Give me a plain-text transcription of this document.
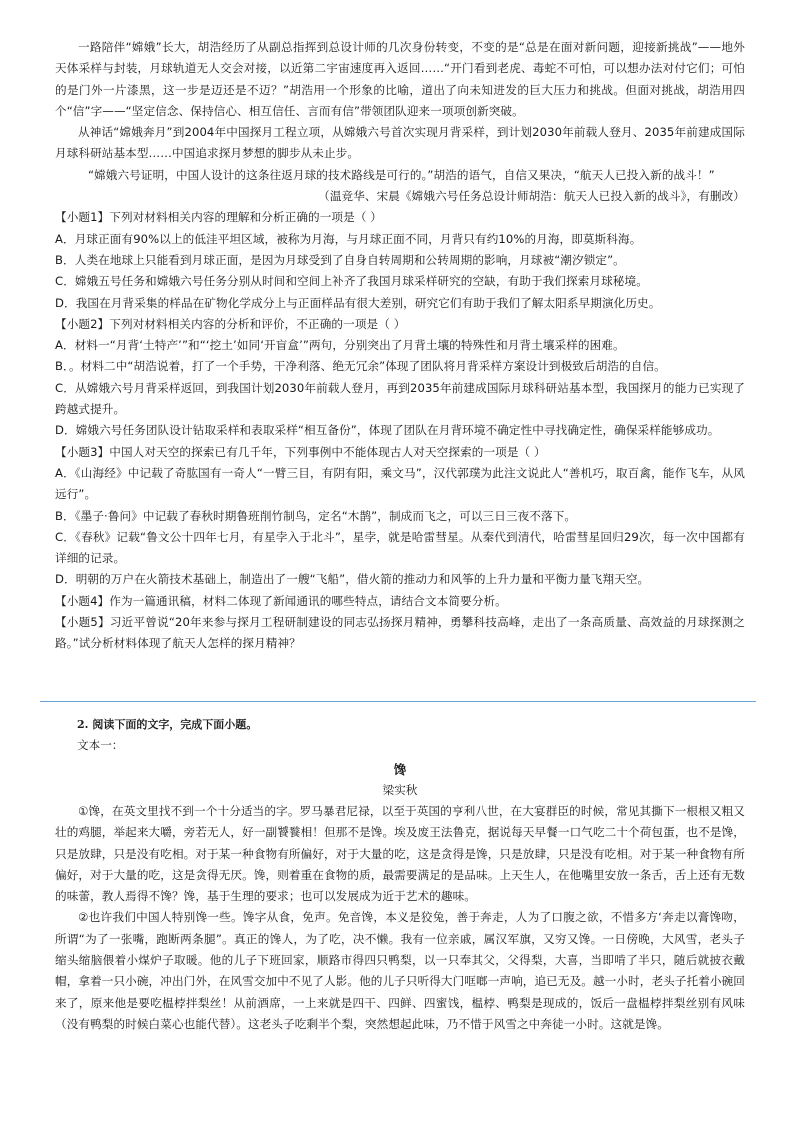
一路陪伴“嫦娥”长大，胡浩经历了从副总指挥到总设计师的几次身份转变，不变的是“总是在面对新问题，迎接新挑战”——地外天体采样与封装，月球轨道无人交会对接，以近第二宇宙速度再入返回……“开门看到老虎、毒蛇不可怕，可以想办法对付它们；可怕的是门外一片漆黑，这一步是迈还是不迈？”胡浩用一个形象的比喻，道出了向未知进发的巨大压力和挑战。但面对挑战，胡浩用四个“信”字——“坚定信念、保持信心、相互信任、言而有信”带领团队迎来一项项创新突破。

从神话“嫦娥奔月”到2004年中国探月工程立项，从嫦娥六号首次实现月背采样，到计划2030年前载人登月、2035年前建成国际月球科研站基本型……中国追求探月梦想的脚步从未止步。

“嫦娥六号证明，中国人设计的这条往返月球的技术路线是可行的。”胡浩的语气，自信又果决，“航天人已投入新的战斗！”

（温竞华、宋晨《嫦娥六号任务总设计师胡浩：航天人已投入新的战斗》，有删改）

【小题1】下列对材料相关内容的理解和分析正确的一项是（ ）

A．月球正面有90%以上的低洼平坦区域，被称为月海，与月球正面不同，月背只有约10%的月海，即莫斯科海。

B．人类在地球上只能看到月球正面，是因为月球受到了自身自转周期和公转周期的影响，月球被“潮汐锁定”。

C．嫦娥五号任务和嫦娥六号任务分别从时间和空间上补齐了我国月球采样研究的空缺，有助于我们探索月球秘境。

D．我国在月背采集的样品在矿物化学成分上与正面样品有很大差别，研究它们有助于我们了解太阳系早期演化历史。

【小题2】下列对材料相关内容的分析和评价，不正确的一项是（ ）

A．材料一“月背‘土特产’”和“‘挖土’如同‘开盲盒’”两句，分别突出了月背土壤的特殊性和月背土壤采样的困难。

B．。材料二中“胡浩说着，打了一个手势，干净利落、绝无冗余”体现了团队将月背采样方案设计到极致后胡浩的自信。

C．从嫦娥六号月背采样返回，到我国计划2030年前载人登月，再到2035年前建成国际月球科研站基本型，我国探月的能力已实现了跨越式提升。

D．嫦娥六号任务团队设计钻取采样和表取采样“相互备份”，体现了团队在月背环境不确定性中寻找确定性，确保采样能够成功。

【小题3】中国人对天空的探索已有几千年，下列事例中不能体现古人对天空探索的一项是（ ）

A．《山海经》中记载了奇肱国有一奇人“一臂三目，有阴有阳，乘文马”，汉代郭璞为此注文说此人“善机巧，取百禽，能作飞车，从风远行”。

B．《墨子·鲁问》中记载了春秋时期鲁班削竹制鸟，定名“木鹊”，制成而飞之，可以三日三夜不落下。

C．《春秋》记载“鲁文公十四年七月，有星孛入于北斗”，星孛，就是哈雷彗星。从秦代到清代，哈雷彗星回归29次，每一次中国都有详细的记录。

D．明朝的万户在火箭技术基础上，制造出了一艘“飞船”，借火箭的推动力和风筝的上升力量和平衡力量飞翔天空。

【小题4】作为一篇通讯稿，材料二体现了新闻通讯的哪些特点，请结合文本简要分析。

【小题5】习近平曾说“20年来参与探月工程研制建设的同志弘扬探月精神，勇攀科技高峰，走出了一条高质量、高效益的月球探测之路。”试分析材料体现了航天人怎样的探月精神？

2. 阅读下面的文字，完成下面小题。

文本一：

馋

梁实秋

①馋，在英文里找不到一个十分适当的字。罗马暴君尼禄，以至于英国的亨利八世，在大宴群臣的时候，常见其撕下一根根又粗又壮的鸡腿，举起来大嚼，旁若无人，好一副饕餮相！但那不是馋。埃及废王法鲁克，据说每天早餐一口气吃二十个荷包蛋，也不是馋，只是放肆，只是没有吃相。对于某一种食物有所偏好，对于大量的吃，这是贪得是馋，只是放肆，只是没有吃相。对于某一种食物有所偏好，对于大量的吃，这是贪得无厌。馋，则着重在食物的质，最需要满足的是品味。上天生人，在他嘴里安放一条舌，舌上还有无数的味蕾，教人焉得不馋？馋，基于生理的要求；也可以发展成为近于艺术的趣味。

②也许我们中国人特别馋一些。馋字从食，免声。免音馋，本义是狡兔，善于奔走，人为了口腹之欲，不惜多方‘奔走以膏馋吻，所谓“为了一张嘴，跑断两条腿”。真正的馋人，为了吃，决不懒。我有一位亲戚，属汉军旗，又穷又馋。一日傍晚，大风雪，老头子缩头缩脑偎着小煤炉子取暖。他的儿子下班回家，顺路市得四只鸭梨，以一只奉其父，父得梨，大喜，当即啃了半只，随后就披衣戴帽，拿着一只小碗，冲出门外，在风雪交加中不见了人影。他的儿子只听得大门哐啷一声响，追已无及。越一小时，老头子托着小碗回来了，原来他是要吃榅桲拌梨丝！从前酒席，一上来就是四干、四鲜、四蜜饯，榅桲、鸭梨是现成的，饭后一盘榅桲拌梨丝别有风味（没有鸭梨的时候白菜心也能代替）。这老头子吃剩半个梨，突然想起此味，乃不惜于风雪之中奔徒一小时。这就是馋。
